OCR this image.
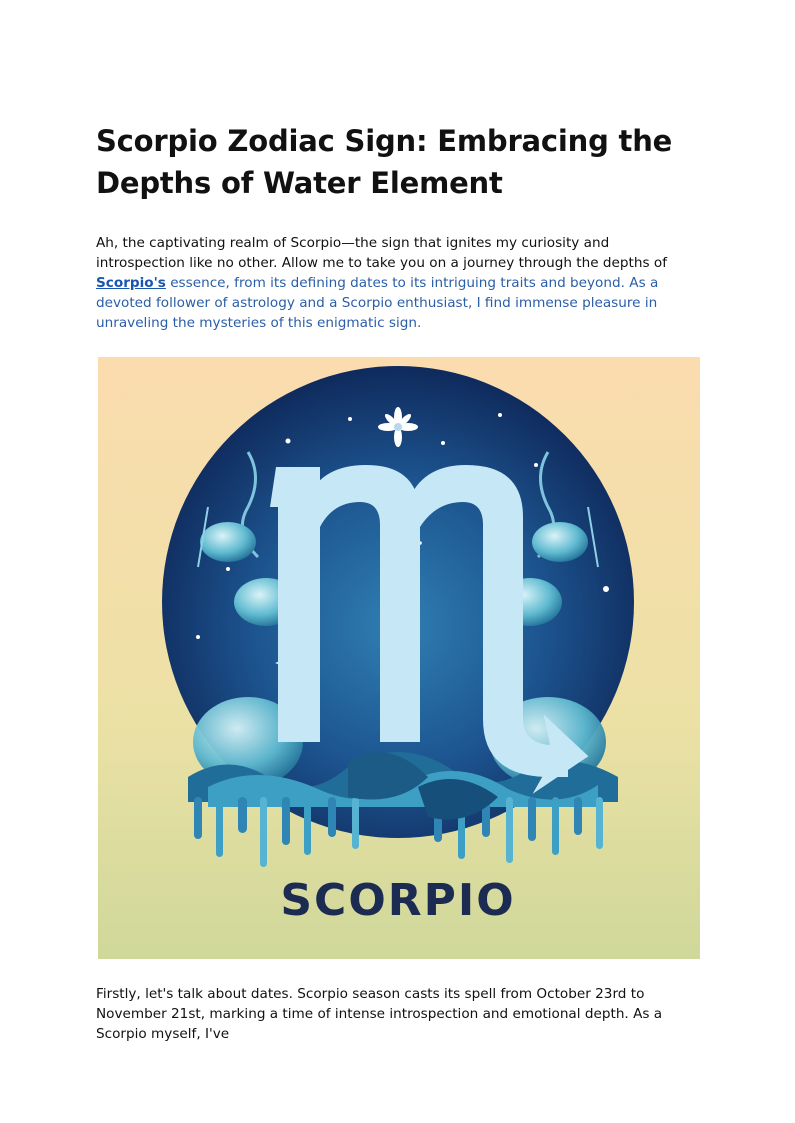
Scorpio Zodiac Sign: Embracing the Depths of Water Element

Ah, the captivating realm of Scorpio—the sign that ignites my curiosity and introspection like no other. Allow me to take you on a journey through the depths of Scorpio's essence, from its defining dates to its intriguing traits and beyond. As a devoted follower of astrology and a Scorpio enthusiast, I find immense pleasure in unraveling the mysteries of this enigmatic sign.

SCORPIO

Firstly, let's talk about dates. Scorpio season casts its spell from October 23rd to November 21st, marking a time of intense introspection and emotional depth. As a Scorpio myself, I've
